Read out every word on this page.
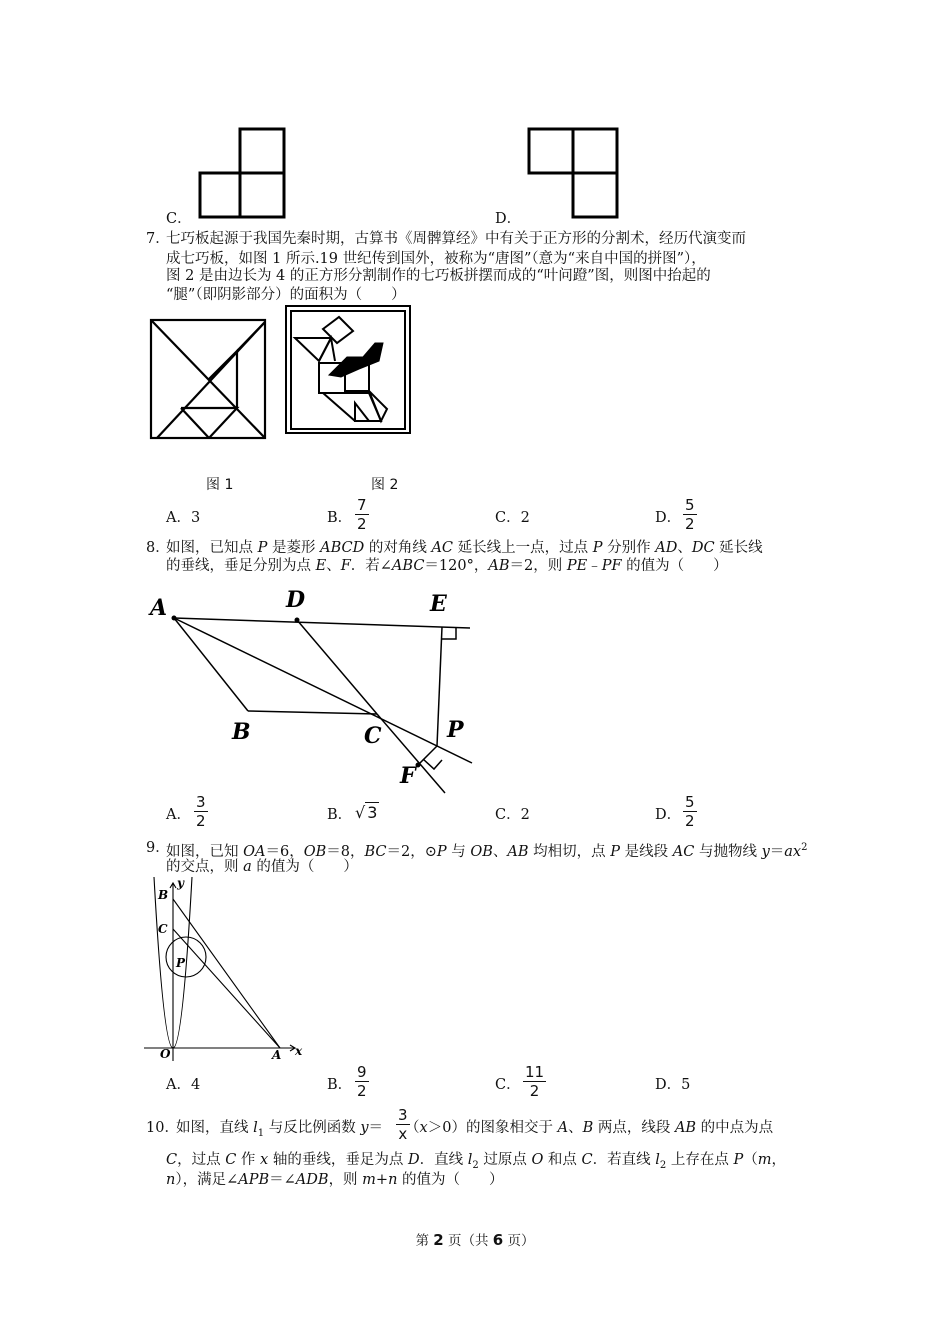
C．	D．
7．
七巧板起源于我国先秦时期，古算书《周髀算经》中有关于正方形的分割术，经历代演变而
成七巧板，如图 1 所示.19 世纪传到国外，被称为“唐图”（意为“来自中国的拼图”），
图 2 是由边长为 4 的正方形分割制作的七巧板拼摆而成的“叶问蹬”图，则图中抬起的
“腿”（即阴影部分）的面积为（　　）
图 1	图 2
A．3	B．
7
2	C．2	D．
5
2
8．
如图，已知点 P 是菱形 ABCD 的对角线 AC 延长线上一点，过点 P 分别作 AD、DC 延长线
的垂线，垂足分别为点 E、F．若∠ABC＝120°，AB＝2，则 PE﹣PF 的值为（　　）
A	D	E
B	C	P
F
A．
3
2	B． √ 3	C．2	D．
5
2
9．
如图，已知 OA＝6，OB＝8，BC＝2，⊙P 与 OB、AB 均相切，点 P 是线段 AC 与抛物线 $y=ax^2$
的交点，则 a 的值为（　　）
B
y
C
P
O	A x
A．4	B．
9
2	C．
11
2	D．5
10．
如图，直线 $l_1$ 与反比例函数 y＝ （x＞0）的图象相交于 A、B 两点，线段 AB 的中点为点
3
x
C，过点 C 作 x 轴的垂线，垂足为点 D．直线 $l_2$ 过原点 O 和点 C．若直线 $l_2$ 上存在点 P（m，
n），满足∠APB＝∠ADB，则 m+n 的值为（　　）
第 2 页（共 6 页）
